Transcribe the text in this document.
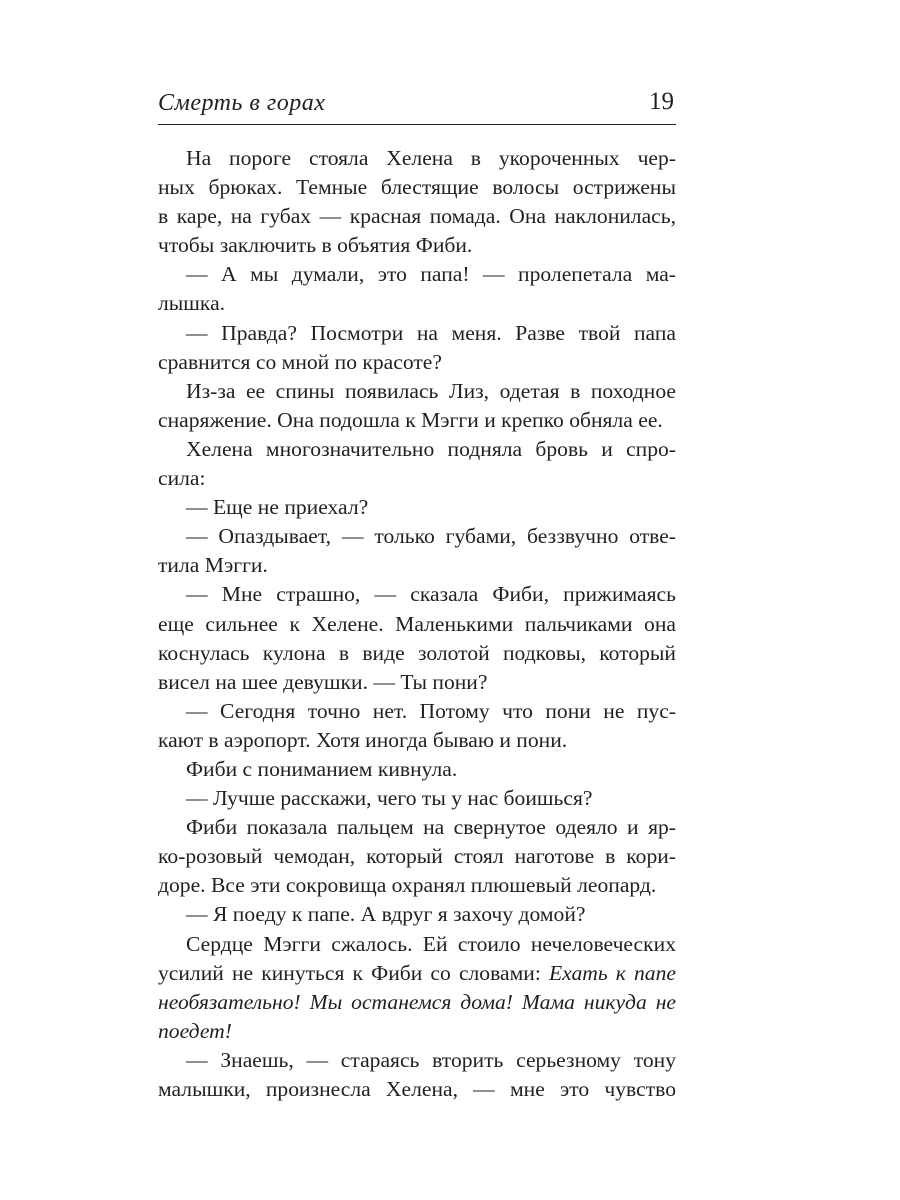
Смерть в горах	19
На пороге стояла Хелена в укороченных чер-
ных брюках. Темные блестящие волосы острижены
в каре, на губах — красная помада. Она наклонилась,
чтобы заключить в объятия Фиби.
— А мы думали, это папа! — пролепетала ма-
лышка.
— Правда? Посмотри на меня. Разве твой папа
сравнится со мной по красоте?
Из-за ее спины появилась Лиз, одетая в походное
снаряжение. Она подошла к Мэгги и крепко обняла ее.
Хелена многозначительно подняла бровь и спро-
сила:
— Еще не приехал?
— Опаздывает, — только губами, беззвучно отве-
тила Мэгги.
— Мне страшно, — сказала Фиби, прижимаясь
еще сильнее к Хелене. Маленькими пальчиками она
коснулась кулона в виде золотой подковы, который
висел на шее девушки. — Ты пони?
— Сегодня точно нет. Потому что пони не пус-
кают в аэропорт. Хотя иногда бываю и пони.
Фиби с пониманием кивнула.
— Лучше расскажи, чего ты у нас боишься?
Фиби показала пальцем на свернутое одеяло и яр-
ко-розовый чемодан, который стоял наготове в кори-
доре. Все эти сокровища охранял плюшевый леопард.
— Я поеду к папе. А вдруг я захочу домой?
Сердце Мэгги сжалось. Ей стоило нечеловеческих
усилий не кинуться к Фиби со словами: Ехать к папе
необязательно! Мы останемся дома! Мама никуда не
поедет!
— Знаешь, — стараясь вторить серьезному тону
малышки, произнесла Хелена, — мне это чувство
